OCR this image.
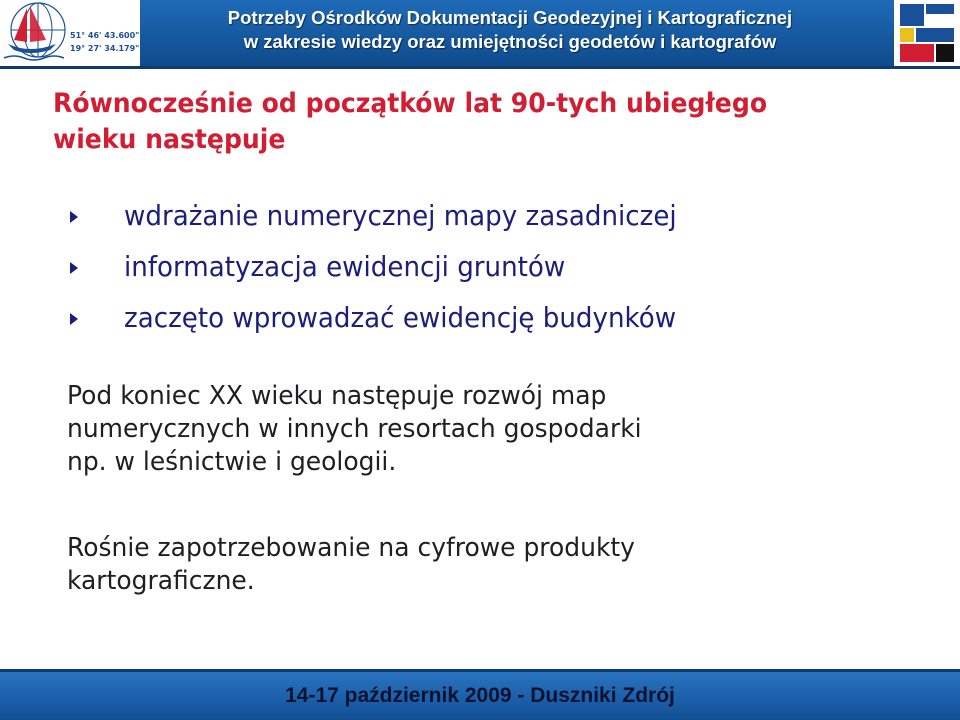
51° 46' 43.600"
19° 27' 34.179"
Potrzeby Ośrodków Dokumentacji Geodezyjnej i Kartograficznej
w zakresie wiedzy oraz umiejętności geodetów i kartografów
Równocześnie od początków lat 90-tych ubiegłego
wieku następuje
wdrażanie numerycznej mapy zasadniczej
informatyzacja ewidencji gruntów
zaczęto wprowadzać ewidencję budynków
Pod koniec XX wieku następuje rozwój map
numerycznych w innych resortach gospodarki
np. w leśnictwie i geologii.
Rośnie zapotrzebowanie na cyfrowe produkty
kartograficzne.
14-17 październik 2009 - Duszniki Zdrój
